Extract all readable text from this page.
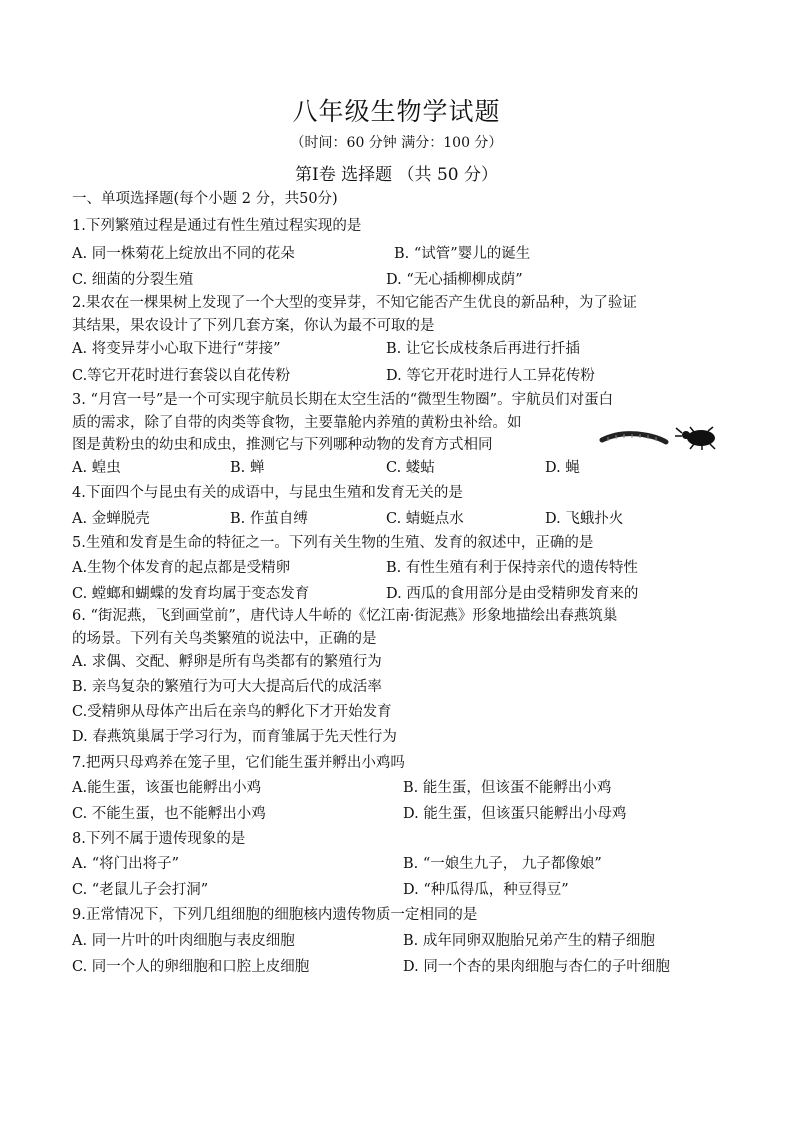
八年级生物学试题
（时间：60 分钟 满分：100 分）
第Ⅰ卷 选择题 （共 50 分）
一、单项选择题(每个小题 2 分，共50分)
1.下列繁殖过程是通过有性生殖过程实现的是
A. 同一株菊花上绽放出不同的花朵	B. “试管”婴儿的诞生
C. 细菌的分裂生殖	D. “无心插柳柳成荫”
2.果农在一棵果树上发现了一个大型的变异芽，不知它能否产生优良的新品种，为了验证
其结果，果农设计了下列几套方案，你认为最不可取的是
A. 将变异芽小心取下进行“芽接”	B. 让它长成枝条后再进行扦插
C.等它开花时进行套袋以自花传粉	D. 等它开花时进行人工异花传粉
3. “月宫一号”是一个可实现宇航员长期在太空生活的“微型生物圈”。宇航员们对蛋白
质的需求，除了自带的肉类等食物，主要靠舱内养殖的黄粉虫补给。如
图是黄粉虫的幼虫和成虫，推测它与下列哪种动物的发育方式相同
A. 蝗虫	B. 蝉	C. 蝼蛄	D. 蝇
4.下面四个与昆虫有关的成语中，与昆虫生殖和发育无关的是
A. 金蝉脱壳	B. 作茧自缚	C. 蜻蜓点水	D. 飞蛾扑火
5.生殖和发育是生命的特征之一。下列有关生物的生殖、发育的叙述中，正确的是
A.生物个体发育的起点都是受精卵	B. 有性生殖有利于保持亲代的遗传特性
C. 螳螂和蝴蝶的发育均属于变态发育	D. 西瓜的食用部分是由受精卵发育来的
6. “街泥燕，飞到画堂前”，唐代诗人牛峤的《忆江南·街泥燕》形象地描绘出春燕筑巢
的场景。下列有关鸟类繁殖的说法中，正确的是
A. 求偶、交配、孵卵是所有鸟类都有的繁殖行为
B. 亲鸟复杂的繁殖行为可大大提高后代的成活率
C.受精卵从母体产出后在亲鸟的孵化下才开始发育
D. 春燕筑巢属于学习行为，而育雏属于先天性行为
7.把两只母鸡养在笼子里，它们能生蛋并孵出小鸡吗
A.能生蛋，该蛋也能孵出小鸡	B. 能生蛋，但该蛋不能孵出小鸡
C. 不能生蛋，也不能孵出小鸡	D. 能生蛋，但该蛋只能孵出小母鸡
8.下列不属于遗传现象的是
A. “将门出将子”	B. “一娘生九子， 九子都像娘”
C. “老鼠儿子会打洞”	D. “种瓜得瓜，种豆得豆”
9.正常情况下，下列几组细胞的细胞核内遗传物质一定相同的是
A. 同一片叶的叶肉细胞与表皮细胞	B. 成年同卵双胞胎兄弟产生的精子细胞
C. 同一个人的卵细胞和口腔上皮细胞	D. 同一个杏的果肉细胞与杏仁的子叶细胞
